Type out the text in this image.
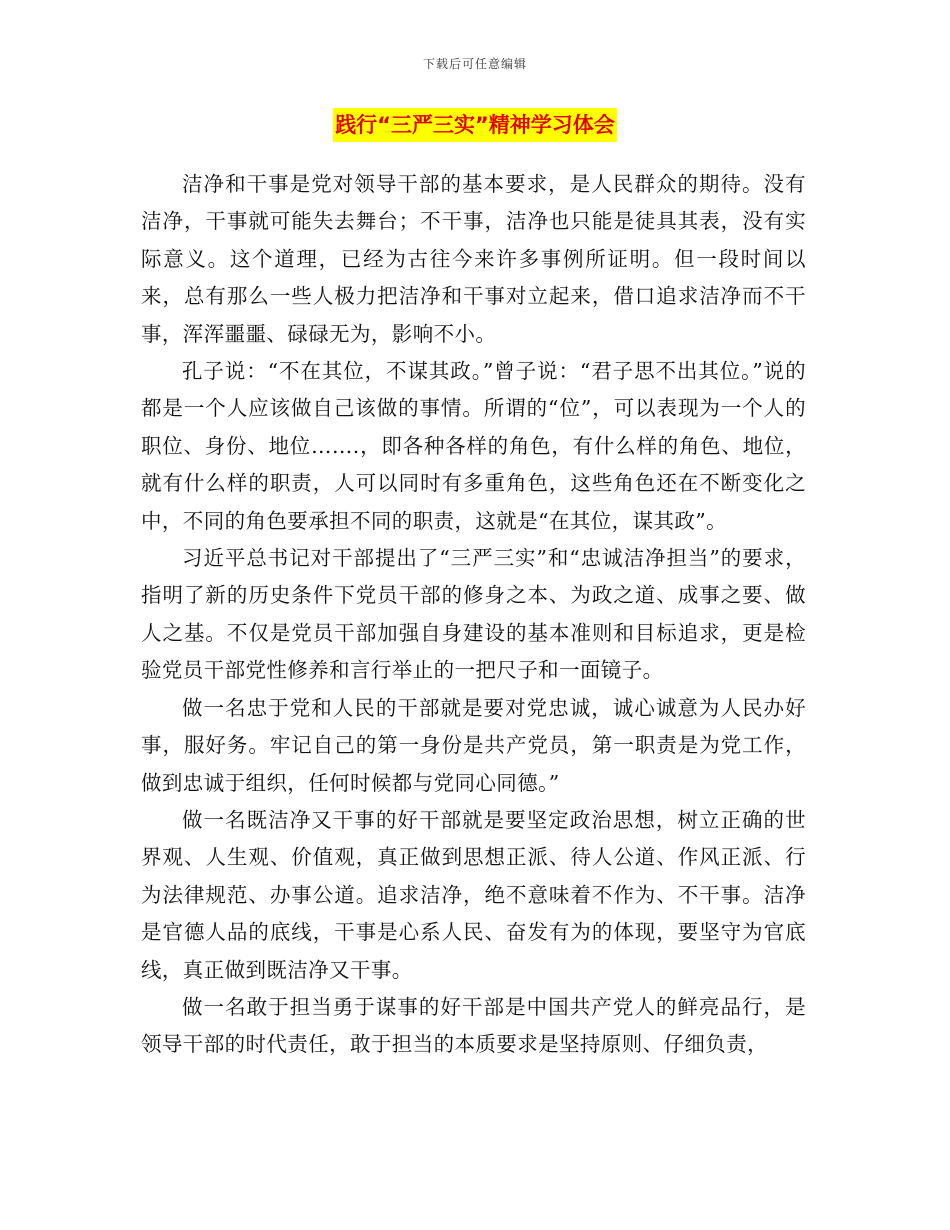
下载后可任意编辑
践行“三严三实”精神学习体会

洁净和干事是党对领导干部的基本要求，是人民群众的期待。没有洁净，干事就可能失去舞台；不干事，洁净也只能是徒具其表，没有实际意义。这个道理，已经为古往今来许多事例所证明。但一段时间以来，总有那么一些人极力把洁净和干事对立起来，借口追求洁净而不干事，浑浑噩噩、碌碌无为，影响不小。

孔子说：“不在其位，不谋其政。”曾子说：“君子思不出其位。”说的都是一个人应该做自己该做的事情。所谓的“位”，可以表现为一个人的职位、身份、地位…….，即各种各样的角色，有什么样的角色、地位，就有什么样的职责，人可以同时有多重角色，这些角色还在不断变化之中，不同的角色要承担不同的职责，这就是“在其位，谋其政”。

习近平总书记对干部提出了“三严三实”和“忠诚洁净担当”的要求，指明了新的历史条件下党员干部的修身之本、为政之道、成事之要、做人之基。不仅是党员干部加强自身建设的基本准则和目标追求，更是检验党员干部党性修养和言行举止的一把尺子和一面镜子。

做一名忠于党和人民的干部就是要对党忠诚，诚心诚意为人民办好事，服好务。牢记自己的第一身份是共产党员，第一职责是为党工作，做到忠诚于组织，任何时候都与党同心同德。”

做一名既洁净又干事的好干部就是要坚定政治思想，树立正确的世界观、人生观、价值观，真正做到思想正派、待人公道、作风正派、行为法律规范、办事公道。追求洁净，绝不意味着不作为、不干事。洁净是官德人品的底线，干事是心系人民、奋发有为的体现，要坚守为官底线，真正做到既洁净又干事。

做一名敢于担当勇于谋事的好干部是中国共产党人的鲜亮品行，是领导干部的时代责任，敢于担当的本质要求是坚持原则、仔细负责，
